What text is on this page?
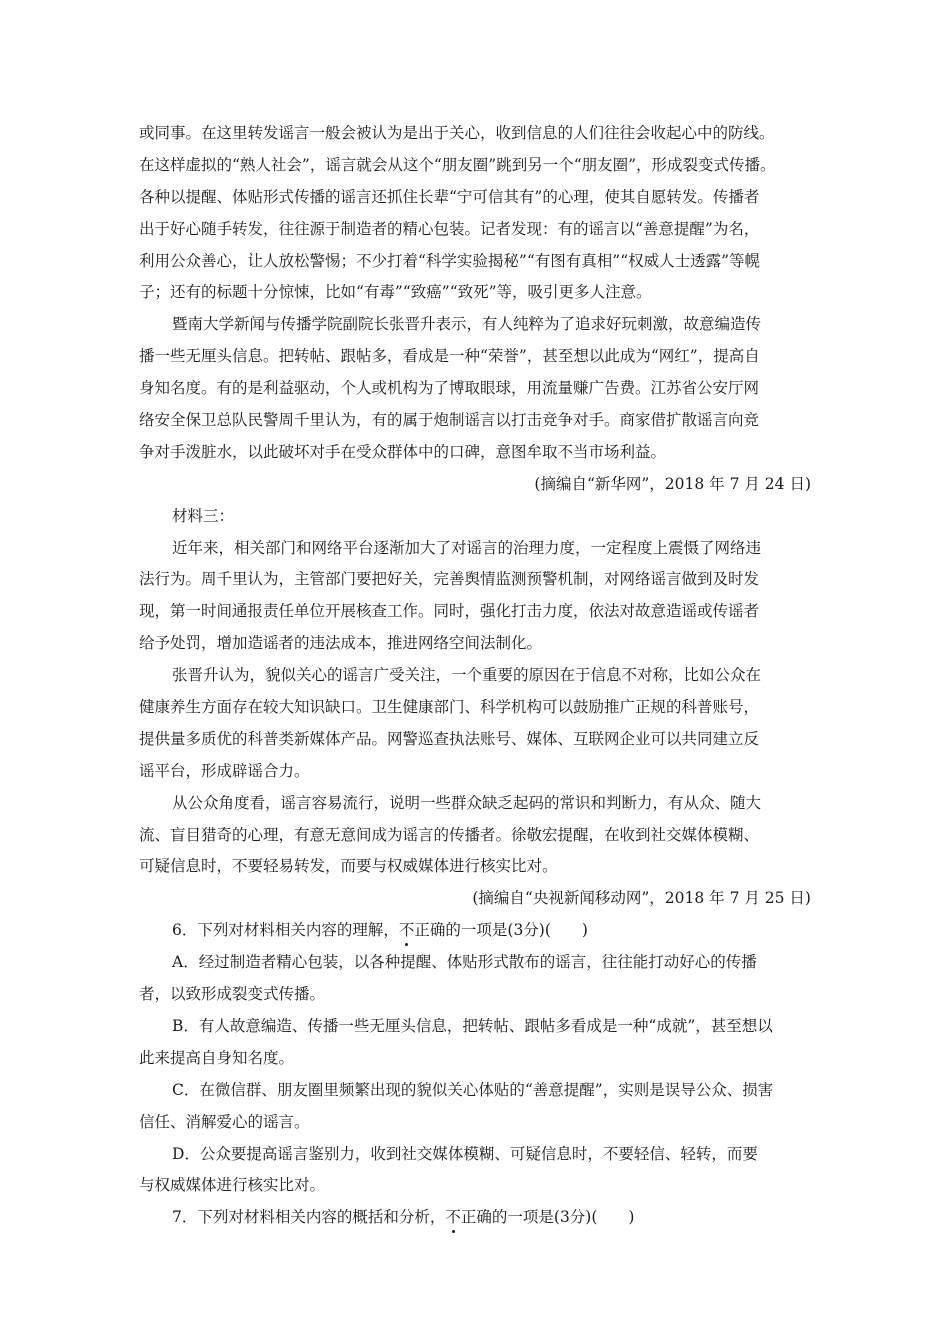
或同事。在这里转发谣言一般会被认为是出于关心，收到信息的人们往往会收起心中的防线。
在这样虚拟的“熟人社会”，谣言就会从这个“朋友圈”跳到另一个“朋友圈”，形成裂变式传播。
各种以提醒、体贴形式传播的谣言还抓住长辈“宁可信其有”的心理，使其自愿转发。传播者
出于好心随手转发，往往源于制造者的精心包装。记者发现：有的谣言以“善意提醒”为名，
利用公众善心，让人放松警惕；不少打着“科学实验揭秘”“有图有真相”“权威人士透露”等幌
子；还有的标题十分惊悚，比如“有毒”“致癌”“致死”等，吸引更多人注意。
暨南大学新闻与传播学院副院长张晋升表示，有人纯粹为了追求好玩刺激，故意编造传
播一些无厘头信息。把转帖、跟帖多，看成是一种“荣誉”，甚至想以此成为“网红”，提高自
身知名度。有的是利益驱动，个人或机构为了博取眼球，用流量赚广告费。江苏省公安厅网
络安全保卫总队民警周千里认为，有的属于炮制谣言以打击竞争对手。商家借扩散谣言向竞
争对手泼脏水，以此破坏对手在受众群体中的口碑，意图牟取不当市场利益。
(摘编自“新华网”，2018 年 7 月 24 日)
材料三：
近年来，相关部门和网络平台逐渐加大了对谣言的治理力度，一定程度上震慑了网络违
法行为。周千里认为，主管部门要把好关，完善舆情监测预警机制，对网络谣言做到及时发
现，第一时间通报责任单位开展核查工作。同时，强化打击力度，依法对故意造谣或传谣者
给予处罚，增加造谣者的违法成本，推进网络空间法制化。
张晋升认为，貌似关心的谣言广受关注，一个重要的原因在于信息不对称，比如公众在
健康养生方面存在较大知识缺口。卫生健康部门、科学机构可以鼓励推广正规的科普账号，
提供量多质优的科普类新媒体产品。网警巡查执法账号、媒体、互联网企业可以共同建立反
谣平台，形成辟谣合力。
从公众角度看，谣言容易流行，说明一些群众缺乏起码的常识和判断力，有从众、随大
流、盲目猎奇的心理，有意无意间成为谣言的传播者。徐敬宏提醒，在收到社交媒体模糊、
可疑信息时，不要轻易转发，而要与权威媒体进行核实比对。
(摘编自“央视新闻移动网”，2018 年 7 月 25 日)
6．下列对材料相关内容的理解，不正确的一项是(3分)(　　)
A．经过制造者精心包装，以各种提醒、体贴形式散布的谣言，往往能打动好心的传播
者，以致形成裂变式传播。
B．有人故意编造、传播一些无厘头信息，把转帖、跟帖多看成是一种“成就”，甚至想以
此来提高自身知名度。
C．在微信群、朋友圈里频繁出现的貌似关心体贴的“善意提醒”，实则是误导公众、损害
信任、消解爱心的谣言。
D．公众要提高谣言鉴别力，收到社交媒体模糊、可疑信息时，不要轻信、轻转，而要
与权威媒体进行核实比对。
7．下列对材料相关内容的概括和分析，不正确的一项是(3分)(　　)
